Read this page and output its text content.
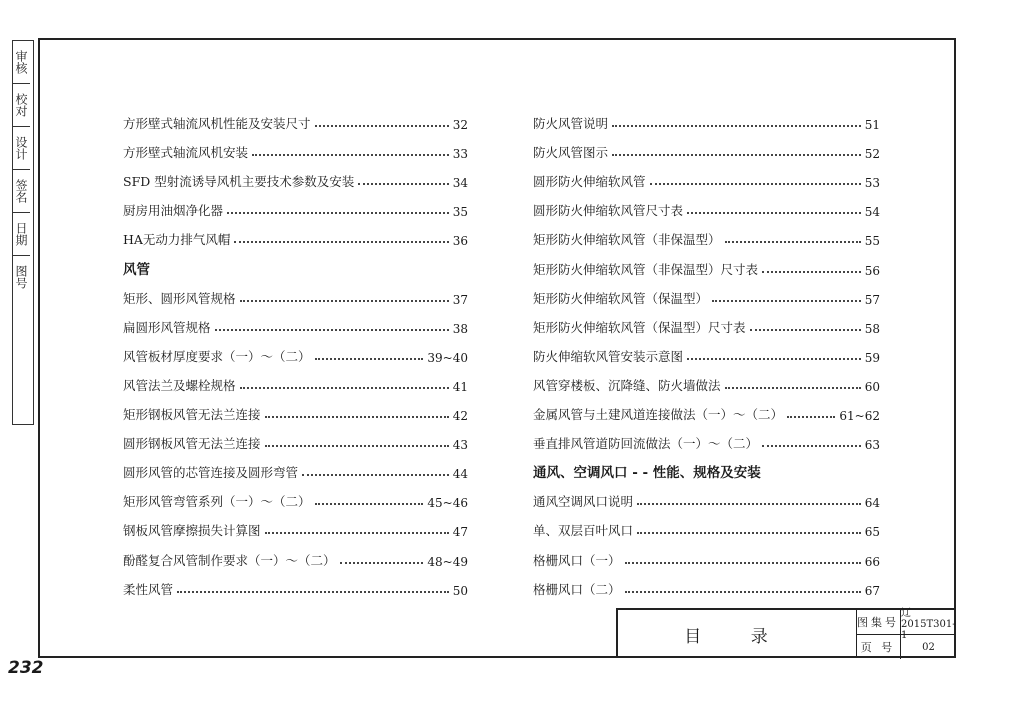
审核
校对
设计
签名
日期
图号
232
方形壁式轴流风机性能及安装尺寸	32
方形壁式轴流风机安装	33
SFD 型射流诱导风机主要技术参数及安装	34
厨房用油烟净化器	35
HA无动力排气风帽	36
风管
矩形、圆形风管规格	37
扁圆形风管规格	38
风管板材厚度要求（一）～（二）	39~40
风管法兰及螺栓规格	41
矩形钢板风管无法兰连接	42
圆形钢板风管无法兰连接	43
圆形风管的芯管连接及圆形弯管	44
矩形风管弯管系列（一）～（二）	45~46
钢板风管摩擦损失计算图	47
酚醛复合风管制作要求（一）～（二）	48~49
柔性风管	50
防火风管说明	51
防火风管图示	52
圆形防火伸缩软风管	53
圆形防火伸缩软风管尺寸表	54
矩形防火伸缩软风管（非保温型）	55
矩形防火伸缩软风管（非保温型）尺寸表	56
矩形防火伸缩软风管（保温型）	57
矩形防火伸缩软风管（保温型）尺寸表	58
防火伸缩软风管安装示意图	59
风管穿楼板、沉降缝、防火墙做法	60
金属风管与土建风道连接做法（一）～（二）	61~62
垂直排风管道防回流做法（一）～（二）	63
通风、空调风口 - - 性能、规格及安装
通风空调风口说明	64
单、双层百叶风口	65
格栅风口（一）	66
格栅风口（二）	67
目 录
图集号
辽2015T301-1
页 号	02
